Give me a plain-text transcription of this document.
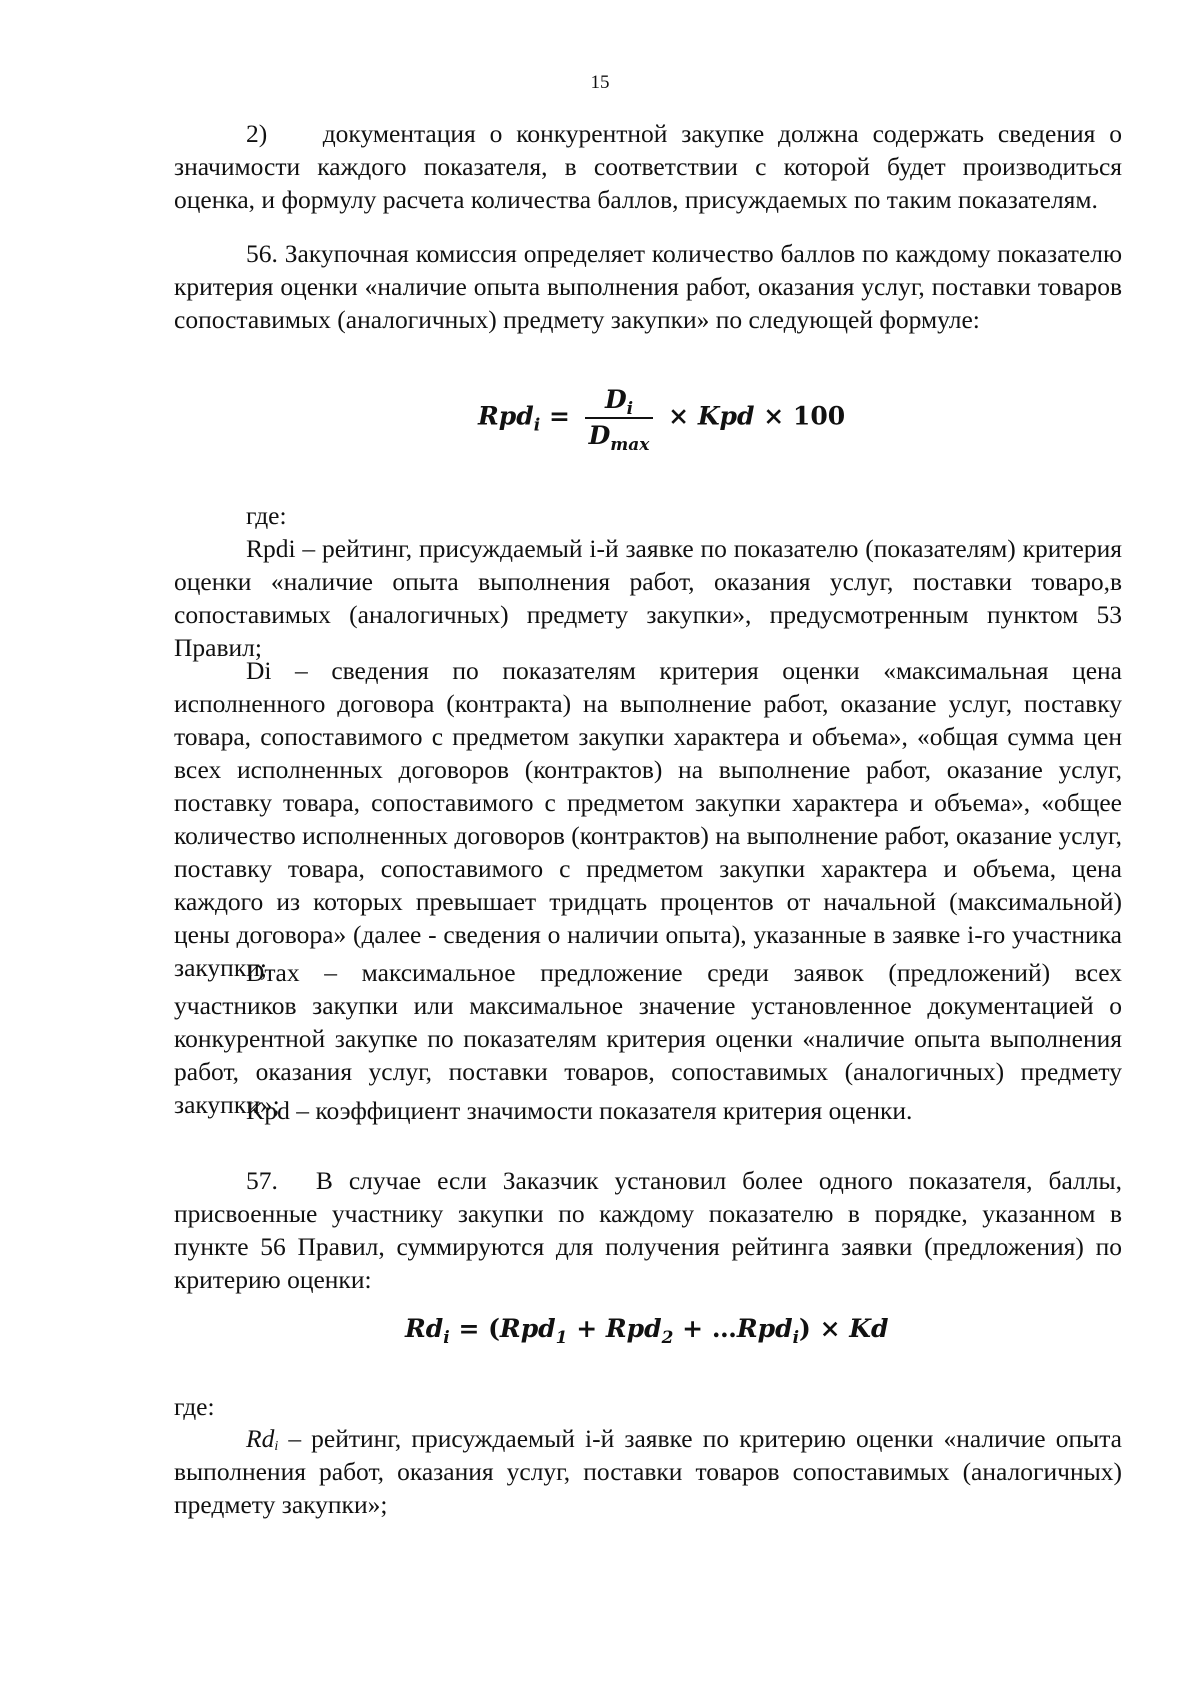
15

2)    документация о конкурентной закупке должна содержать сведения о значимости каждого показателя, в соответствии с которой будет производиться оценка, и формулу расчета количества баллов, присуждаемых по таким показателям.

56. Закупочная комиссия определяет количество баллов по каждому показателю критерия оценки «наличие опыта выполнения работ, оказания услуг, поставки товаров сопоставимых (аналогичных) предмету закупки» по следующей формуле:

$Rpd_i = \frac{D_i}{D_{max}}$ × Kpd × 100

где:

Rpdi – рейтинг, присуждаемый i-й заявке по показателю (показателям) критерия оценки «наличие опыта выполнения работ, оказания услуг, поставки товаро,в сопоставимых (аналогичных) предмету закупки», предусмотренным пунктом 53 Правил;

Di – сведения по показателям критерия оценки «максимальная цена исполненного договора (контракта) на выполнение работ, оказание услуг, поставку товара, сопоставимого с предметом закупки характера и объема», «общая сумма цен всех исполненных договоров (контрактов) на выполнение работ, оказание услуг, поставку товара, сопоставимого с предметом закупки характера и объема», «общее количество исполненных договоров (контрактов) на выполнение работ, оказание услуг, поставку товара, сопоставимого с предметом закупки характера и объема, цена каждого из которых превышает тридцать процентов от начальной (максимальной) цены договора» (далее - сведения о наличии опыта), указанные в заявке i-го участника закупки;

Dтax – максимальное предложение среди заявок (предложений) всех участников закупки или максимальное значение установленное документацией о конкурентной закупке по показателям критерия оценки «наличие опыта выполнения работ, оказания услуг, поставки товаров, сопоставимых (аналогичных) предмету закупки»;

Kpd – коэффициент значимости показателя критерия оценки.

57. В случае если Заказчик установил более одного показателя, баллы, присвоенные участнику закупки по каждому показателю в порядке, указанном в пункте 56 Правил, суммируются для получения рейтинга заявки (предложения) по критерию оценки:

$Rd_i = (Rpd_1 + Rpd_2$ + …Rpd$_i$) × Kd

где:

$Rd_i$ – рейтинг, присуждаемый i-й заявке по критерию оценки «наличие опыта выполнения работ, оказания услуг, поставки товаров сопоставимых (аналогичных) предмету закупки»;
